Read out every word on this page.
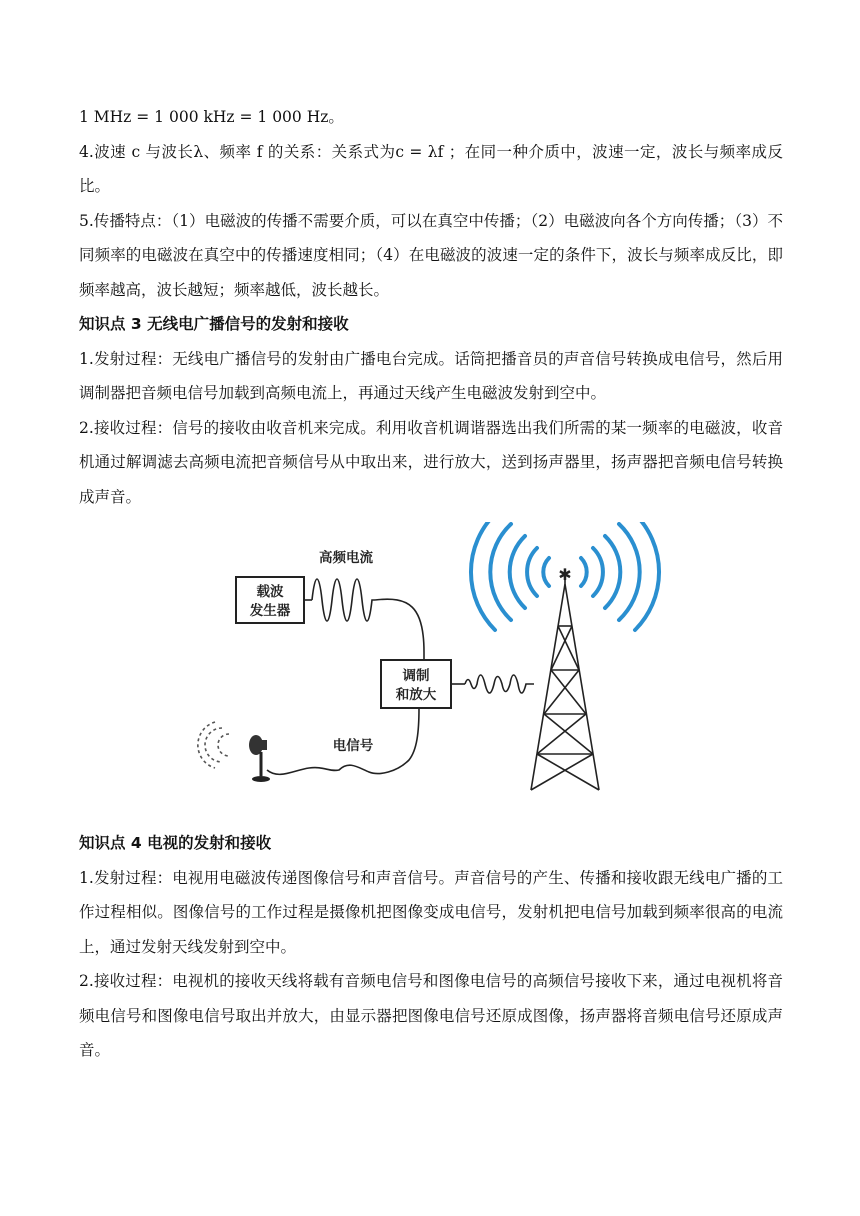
1 MHz = 1 000 kHz = 1 000 Hz。

4.波速 c 与波长λ、频率 f 的关系：关系式为c = λf ；在同一种介质中，波速一定，波长与频率成反比。

5.传播特点：（1）电磁波的传播不需要介质，可以在真空中传播；（2）电磁波向各个方向传播；（3）不同频率的电磁波在真空中的传播速度相同；（4）在电磁波的波速一定的条件下，波长与频率成反比，即频率越高，波长越短；频率越低，波长越长。

知识点 3 无线电广播信号的发射和接收

1.发射过程：无线电广播信号的发射由广播电台完成。话筒把播音员的声音信号转换成电信号，然后用调制器把音频电信号加载到高频电流上，再通过天线产生电磁波发射到空中。

2.接收过程：信号的接收由收音机来完成。利用收音机调谐器选出我们所需的某一频率的电磁波，收音机通过解调滤去高频电流把音频信号从中取出来，进行放大，送到扬声器里，扬声器把音频电信号转换成声音。

载波
发生器
高频电流
调制
和放大
电信号
✱

知识点 4 电视的发射和接收

1.发射过程：电视用电磁波传递图像信号和声音信号。声音信号的产生、传播和接收跟无线电广播的工作过程相似。图像信号的工作过程是摄像机把图像变成电信号，发射机把电信号加载到频率很高的电流上，通过发射天线发射到空中。

2.接收过程：电视机的接收天线将载有音频电信号和图像电信号的高频信号接收下来，通过电视机将音频电信号和图像电信号取出并放大，由显示器把图像电信号还原成图像，扬声器将音频电信号还原成声音。
